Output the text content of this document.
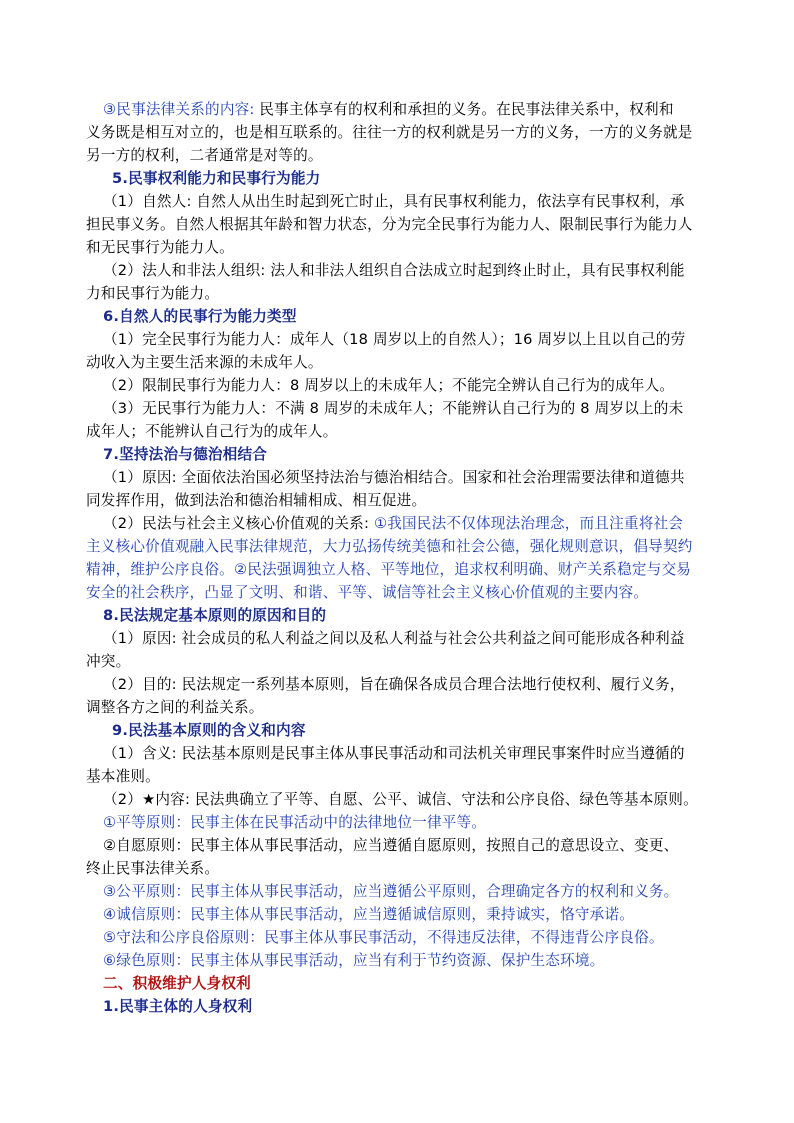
③民事法律关系的内容: 民事主体享有的权利和承担的义务。在民事法律关系中，权利和
义务既是相互对立的，也是相互联系的。往往一方的权利就是另一方的义务，一方的义务就是
另一方的权利，二者通常是对等的。
5.民事权利能力和民事行为能力
（1）自然人: 自然人从出生时起到死亡时止，具有民事权利能力，依法享有民事权利，承
担民事义务。自然人根据其年龄和智力状态，分为完全民事行为能力人、限制民事行为能力人
和无民事行为能力人。
（2）法人和非法人组织: 法人和非法人组织自合法成立时起到终止时止，具有民事权利能
力和民事行为能力。
6.自然人的民事行为能力类型
（1）完全民事行为能力人：成年人（18 周岁以上的自然人）；16 周岁以上且以自己的劳
动收入为主要生活来源的未成年人。
（2）限制民事行为能力人：8 周岁以上的未成年人；不能完全辨认自己行为的成年人。
（3）无民事行为能力人：不满 8 周岁的未成年人；不能辨认自己行为的 8 周岁以上的未
成年人；不能辨认自己行为的成年人。
7.坚持法治与德治相结合
（1）原因: 全面依法治国必须坚持法治与德治相结合。国家和社会治理需要法律和道德共
同发挥作用，做到法治和德治相辅相成、相互促进。
（2）民法与社会主义核心价值观的关系: ①我国民法不仅体现法治理念，而且注重将社会
主义核心价值观融入民事法律规范，大力弘扬传统美德和社会公德，强化规则意识，倡导契约
精神，维护公序良俗。②民法强调独立人格、平等地位，追求权利明确、财产关系稳定与交易
安全的社会秩序，凸显了文明、和谐、平等、诚信等社会主义核心价值观的主要内容。
8.民法规定基本原则的原因和目的
（1）原因: 社会成员的私人利益之间以及私人利益与社会公共利益之间可能形成各种利益
冲突。
（2）目的: 民法规定一系列基本原则，旨在确保各成员合理合法地行使权利、履行义务，
调整各方之间的利益关系。
9.民法基本原则的含义和内容
（1）含义: 民法基本原则是民事主体从事民事活动和司法机关审理民事案件时应当遵循的
基本准则。
（2）★内容: 民法典确立了平等、自愿、公平、诚信、守法和公序良俗、绿色等基本原则。
①平等原则：民事主体在民事活动中的法律地位一律平等。
②自愿原则：民事主体从事民事活动，应当遵循自愿原则，按照自己的意思设立、变更、
终止民事法律关系。
③公平原则：民事主体从事民事活动，应当遵循公平原则，合理确定各方的权利和义务。
④诚信原则：民事主体从事民事活动，应当遵循诚信原则，秉持诚实，恪守承诺。
⑤守法和公序良俗原则：民事主体从事民事活动，不得违反法律，不得违背公序良俗。
⑥绿色原则：民事主体从事民事活动，应当有利于节约资源、保护生态环境。
二、积极维护人身权利
1.民事主体的人身权利
